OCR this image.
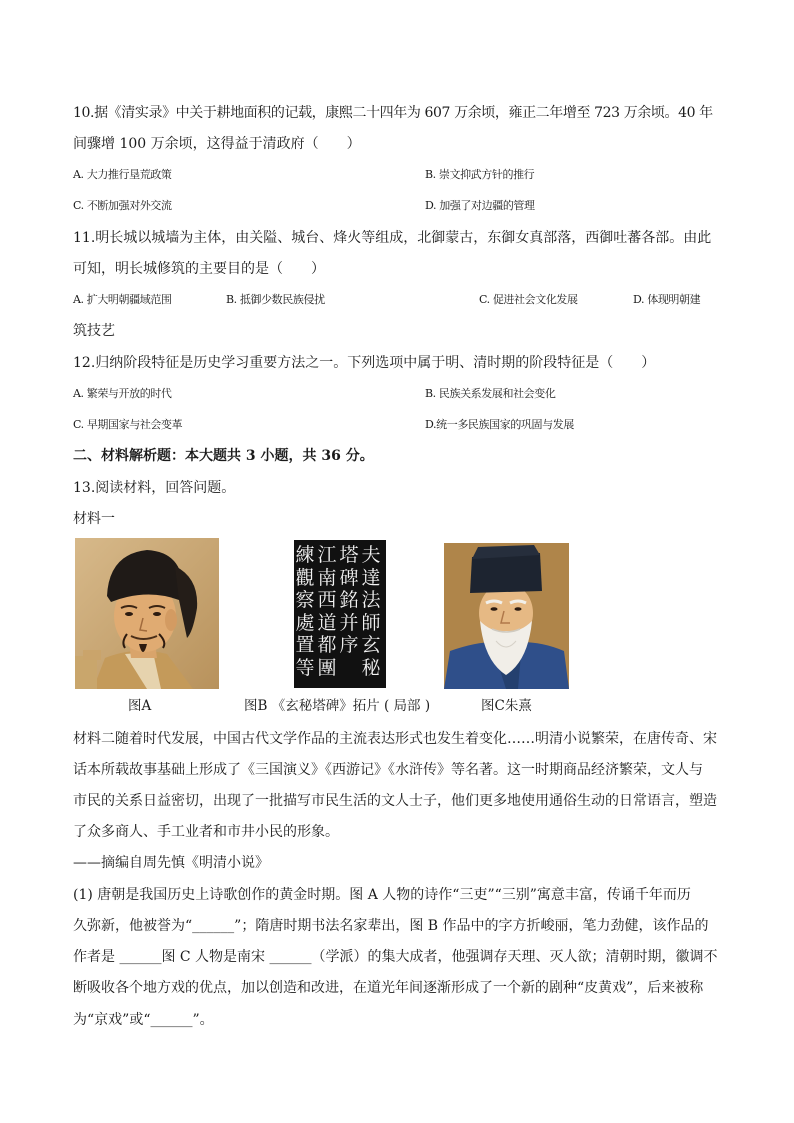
10.据《清实录》中关于耕地面积的记载，康熙二十四年为 607 万余顷，雍正二年增至 723 万余顷。40 年
间骤增 100 万余顷，这得益于清政府（　　）
A. 大力推行垦荒政策	B. 崇文抑武方针的推行
C. 不断加强对外交流	D. 加强了对边疆的管理
11.明长城以城墙为主体，由关隘、城台、烽火等组成，北御蒙古，东御女真部落，西御吐蕃各部。由此
可知，明长城修筑的主要目的是（　　）
A. 扩大明朝疆域范围	B. 抵御少数民族侵扰	C. 促进社会文化发展	D. 体现明朝建
筑技艺
12.归纳阶段特征是历史学习重要方法之一。下列选项中属于明、清时期的阶段特征是（　　）
A. 繁荣与开放的时代	B. 民族关系发展和社会变化
C. 早期国家与社会变革	D.统一多民族国家的巩固与发展
二、材料解析题：本大题共 3 小题，共 36 分。
13.阅读材料，回答问题。
材料一
夫
達
法
師
玄
秘
塔
碑
銘
并
序
江
南
西
道
都
團
練
觀
察
處
置
等
图A	图B 《玄秘塔碑》拓片 ( 局部 )	图C朱熹
材料二随着时代发展，中国古代文学作品的主流表达形式也发生着变化……明清小说繁荣，在唐传奇、宋
话本所载故事基础上形成了《三国演义》《西游记》《水浒传》等名著。这一时期商品经济繁荣，文人与
市民的关系日益密切，出现了一批描写市民生活的文人士子，他们更多地使用通俗生动的日常语言，塑造
了众多商人、手工业者和市井小民的形象。
——摘编自周先慎《明清小说》
(1) 唐朝是我国历史上诗歌创作的黄金时期。图 A 人物的诗作“三吏”“三别”寓意丰富，传诵千年而历
久弥新，他被誉为“______”；隋唐时期书法名家辈出，图 B 作品中的字方折峻丽，笔力劲健，该作品的
作者是 ______图 C 人物是南宋 ______（学派）的集大成者，他强调存天理、灭人欲；清朝时期，徽调不
断吸收各个地方戏的优点，加以创造和改进，在道光年间逐渐形成了一个新的剧种“皮黄戏”，后来被称
为“京戏”或“______”。
